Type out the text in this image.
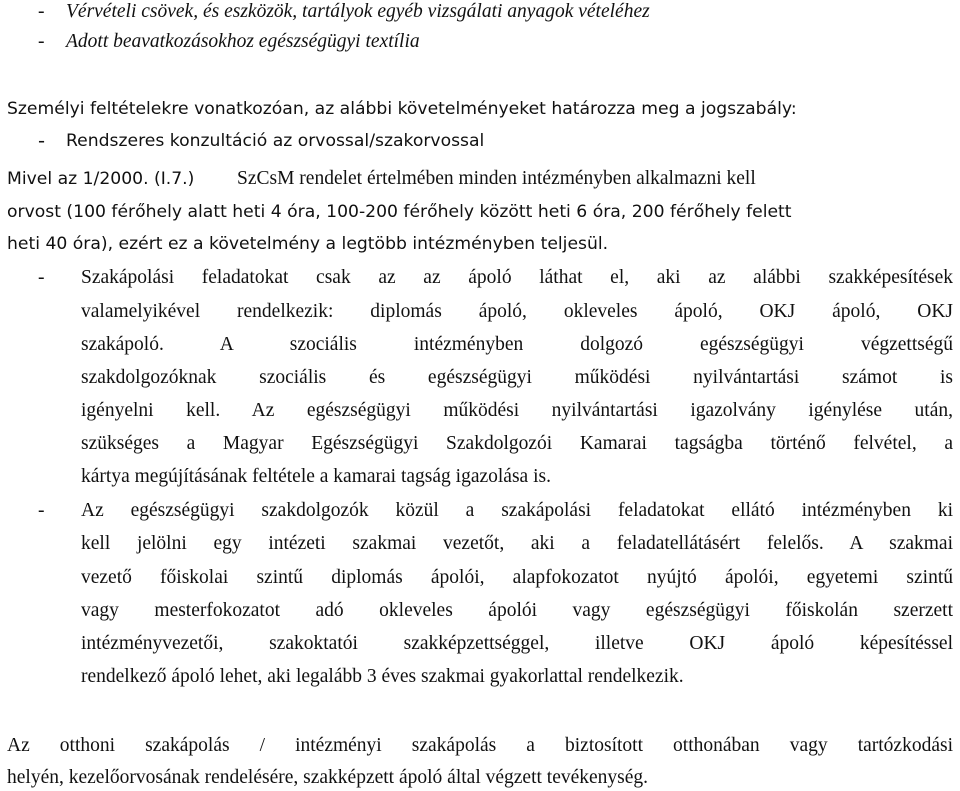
- Vérvételi csövek, és eszközök, tartályok egyéb vizsgálati anyagok vételéhez
- Adott beavatkozásokhoz egészségügyi textília
Személyi feltételekre vonatkozóan, az alábbi követelményeket határozza meg a jogszabály:
- Rendszeres konzultáció az orvossal/szakorvossal
Mivel az 1/2000. (I.7.) SzCsM rendelet értelmében minden intézményben alkalmazni kell
orvost (100 férőhely alatt heti 4 óra, 100-200 férőhely között heti 6 óra, 200 férőhely felett
heti 40 óra), ezért ez a követelmény a legtöbb intézményben teljesül.
- Szakápolási feladatokat csak az az ápoló láthat el, aki az alábbi szakképesítések
valamelyikével rendelkezik: diplomás ápoló, okleveles ápoló, OKJ ápoló, OKJ
szakápoló. A szociális intézményben dolgozó egészségügyi végzettségű
szakdolgozóknak szociális és egészségügyi működési nyilvántartási számot is
igényelni kell. Az egészségügyi működési nyilvántartási igazolvány igénylése után,
szükséges a Magyar Egészségügyi Szakdolgozói Kamarai tagságba történő felvétel, a
kártya megújításának feltétele a kamarai tagság igazolása is.
- Az egészségügyi szakdolgozók közül a szakápolási feladatokat ellátó intézményben ki
kell jelölni egy intézeti szakmai vezetőt, aki a feladatellátásért felelős. A szakmai
vezető főiskolai szintű diplomás ápolói, alapfokozatot nyújtó ápolói, egyetemi szintű
vagy mesterfokozatot adó okleveles ápolói vagy egészségügyi főiskolán szerzett
intézményvezetői, szakoktatói szakképzettséggel, illetve OKJ ápoló képesítéssel
rendelkező ápoló lehet, aki legalább 3 éves szakmai gyakorlattal rendelkezik.
Az otthoni szakápolás / intézményi szakápolás a biztosított otthonában vagy tartózkodási
helyén, kezelőorvosának rendelésére, szakképzett ápoló által végzett tevékenység.
